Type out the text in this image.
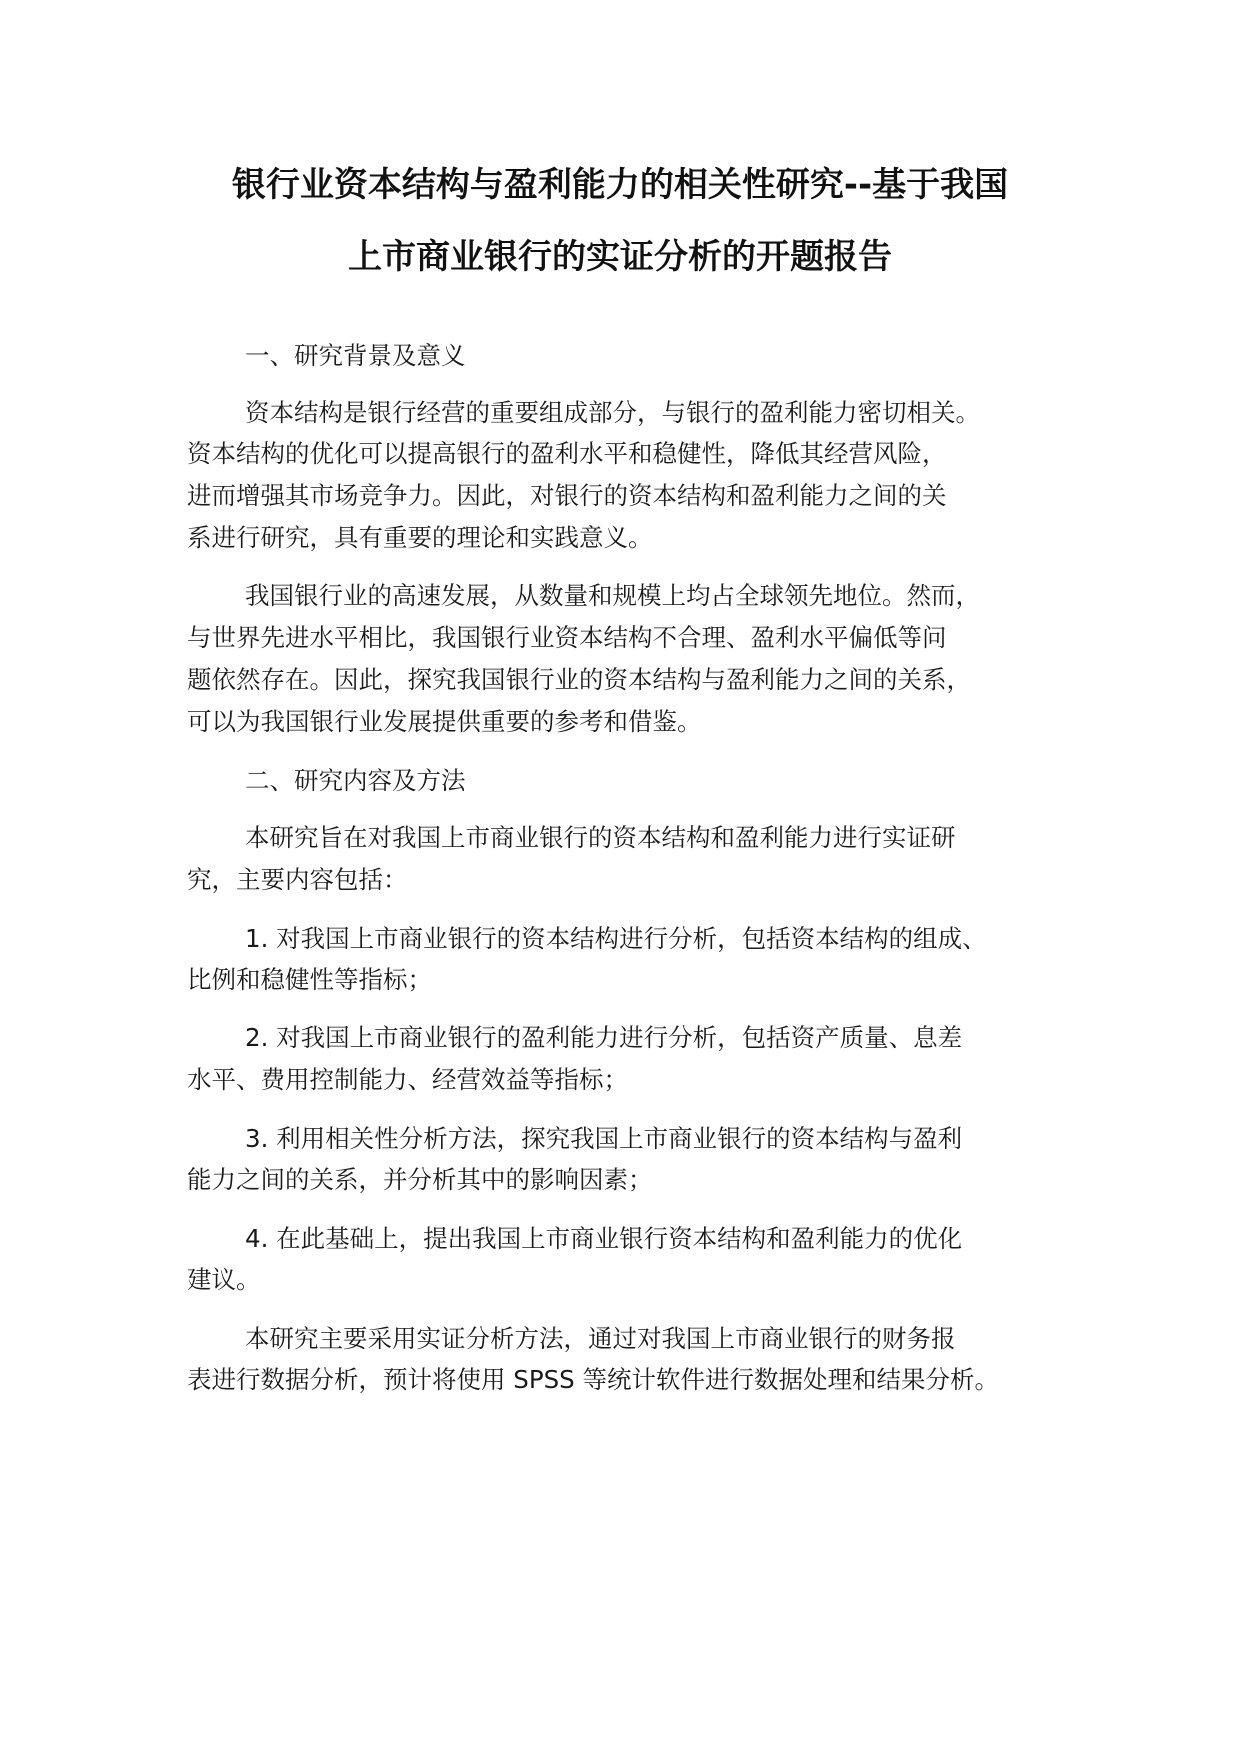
银行业资本结构与盈利能力的相关性研究--基于我国
上市商业银行的实证分析的开题报告
一、研究背景及意义
资本结构是银行经营的重要组成部分，与银行的盈利能力密切相关。
资本结构的优化可以提高银行的盈利水平和稳健性，降低其经营风险，
进而增强其市场竞争力。因此，对银行的资本结构和盈利能力之间的关
系进行研究，具有重要的理论和实践意义。
我国银行业的高速发展，从数量和规模上均占全球领先地位。然而，
与世界先进水平相比，我国银行业资本结构不合理、盈利水平偏低等问
题依然存在。因此，探究我国银行业的资本结构与盈利能力之间的关系，
可以为我国银行业发展提供重要的参考和借鉴。
二、研究内容及方法
本研究旨在对我国上市商业银行的资本结构和盈利能力进行实证研
究，主要内容包括：
1. 对我国上市商业银行的资本结构进行分析，包括资本结构的组成、
比例和稳健性等指标；
2. 对我国上市商业银行的盈利能力进行分析，包括资产质量、息差
水平、费用控制能力、经营效益等指标；
3. 利用相关性分析方法，探究我国上市商业银行的资本结构与盈利
能力之间的关系，并分析其中的影响因素；
4. 在此基础上，提出我国上市商业银行资本结构和盈利能力的优化
建议。
本研究主要采用实证分析方法，通过对我国上市商业银行的财务报
表进行数据分析，预计将使用 SPSS 等统计软件进行数据处理和结果分析。
